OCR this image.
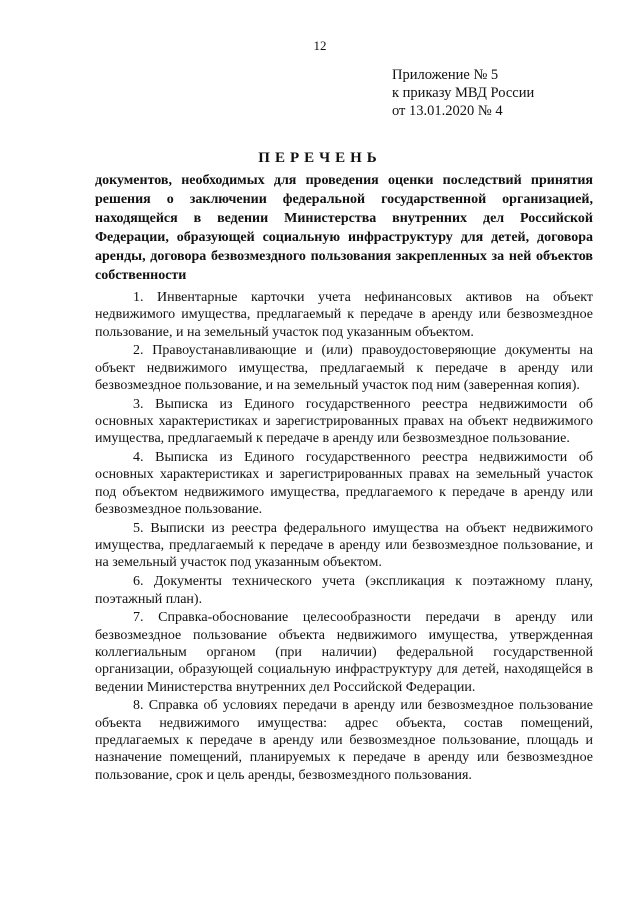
12
Приложение № 5
к приказу МВД России
от 13.01.2020 № 4
ПЕРЕЧЕНЬ
документов, необходимых для проведения оценки последствий принятия решения о заключении федеральной государственной организацией, находящейся в ведении Министерства внутренних дел Российской Федерации, образующей социальную инфраструктуру для детей, договора аренды, договора безвозмездного пользования закрепленных за ней объектов собственности

1. Инвентарные карточки учета нефинансовых активов на объект недвижимого имущества, предлагаемый к передаче в аренду или безвозмездное пользование, и на земельный участок под указанным объектом.

2. Правоустанавливающие и (или) правоудостоверяющие документы на объект недвижимого имущества, предлагаемый к передаче в аренду или безвозмездное пользование, и на земельный участок под ним (заверенная копия).

3. Выписка из Единого государственного реестра недвижимости об основных характеристиках и зарегистрированных правах на объект недвижимого имущества, предлагаемый к передаче в аренду или безвозмездное пользование.

4. Выписка из Единого государственного реестра недвижимости об основных характеристиках и зарегистрированных правах на земельный участок под объектом недвижимого имущества, предлагаемого к передаче в аренду или безвозмездное пользование.

5. Выписки из реестра федерального имущества на объект недвижимого имущества, предлагаемый к передаче в аренду или безвозмездное пользование, и на земельный участок под указанным объектом.

6. Документы технического учета (экспликация к поэтажному плану, поэтажный план).

7. Справка-обоснование целесообразности передачи в аренду или безвозмездное пользование объекта недвижимого имущества, утвержденная коллегиальным органом (при наличии) федеральной государственной организации, образующей социальную инфраструктуру для детей, находящейся в ведении Министерства внутренних дел Российской Федерации.

8. Справка об условиях передачи в аренду или безвозмездное пользование объекта недвижимого имущества: адрес объекта, состав помещений, предлагаемых к передаче в аренду или безвозмездное пользование, площадь и назначение помещений, планируемых к передаче в аренду или безвозмездное пользование, срок и цель аренды, безвозмездного пользования.
